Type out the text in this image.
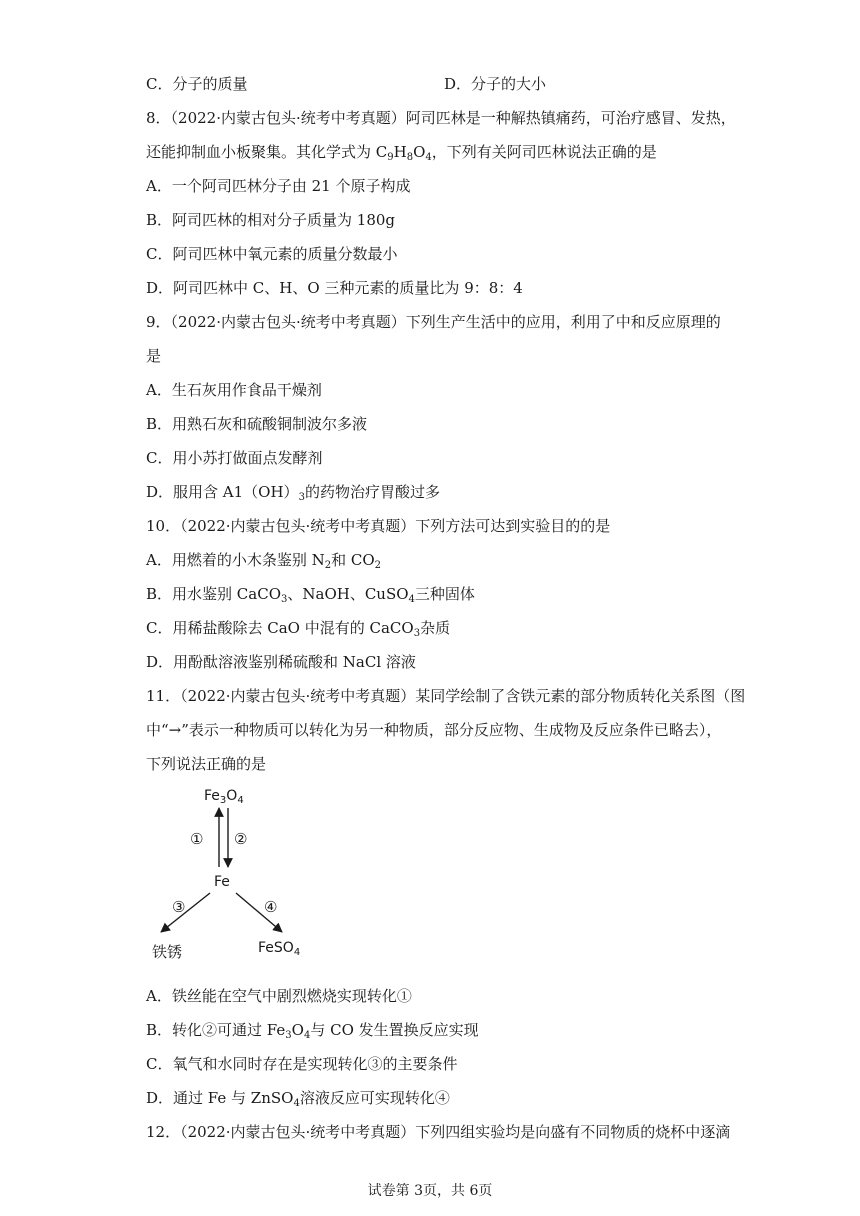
C．分子的质量	D．分子的大小
8．（2022·内蒙古包头·统考中考真题）阿司匹林是一种解热镇痛药，可治疗感冒、发热，
还能抑制血小板聚集。其化学式为 $C_9H_8O_4$，下列有关阿司匹林说法正确的是
A．一个阿司匹林分子由 21 个原子构成
B．阿司匹林的相对分子质量为 180g
C．阿司匹林中氧元素的质量分数最小
D．阿司匹林中 C、H、O 三种元素的质量比为 9：8：4
9．（2022·内蒙古包头·统考中考真题）下列生产生活中的应用，利用了中和反应原理的
是
A．生石灰用作食品干燥剂
B．用熟石灰和硫酸铜制波尔多液
C．用小苏打做面点发酵剂
D．服用含 $A1(OH)_3$的药物治疗胃酸过多
10．（2022·内蒙古包头·统考中考真题）下列方法可达到实验目的的是
A．用燃着的小木条鉴别 $N_2$和 $CO_2$
B．用水鉴别 CaCO$_3$、NaOH、CuSO$_4$三种固体
C．用稀盐酸除去 CaO 中混有的 CaCO$_3$杂质
D．用酚酞溶液鉴别稀硫酸和 NaCl 溶液
11．（2022·内蒙古包头·统考中考真题）某同学绘制了含铁元素的部分物质转化关系图（图
中“→”表示一种物质可以转化为另一种物质，部分反应物、生成物及反应条件已略去），
下列说法正确的是
$Fe_3O_4$
① ②
Fe
③	④
铁锈	FeSO$_4$
A．铁丝能在空气中剧烈燃烧实现转化①
B．转化②可通过 $Fe_3O_4$与 CO 发生置换反应实现
C．氧气和水同时存在是实现转化③的主要条件
D．通过 Fe 与 ZnSO$_4$溶液反应可实现转化④
12．（2022·内蒙古包头·统考中考真题）下列四组实验均是向盛有不同物质的烧杯中逐滴
试卷第 3页，共 6页
